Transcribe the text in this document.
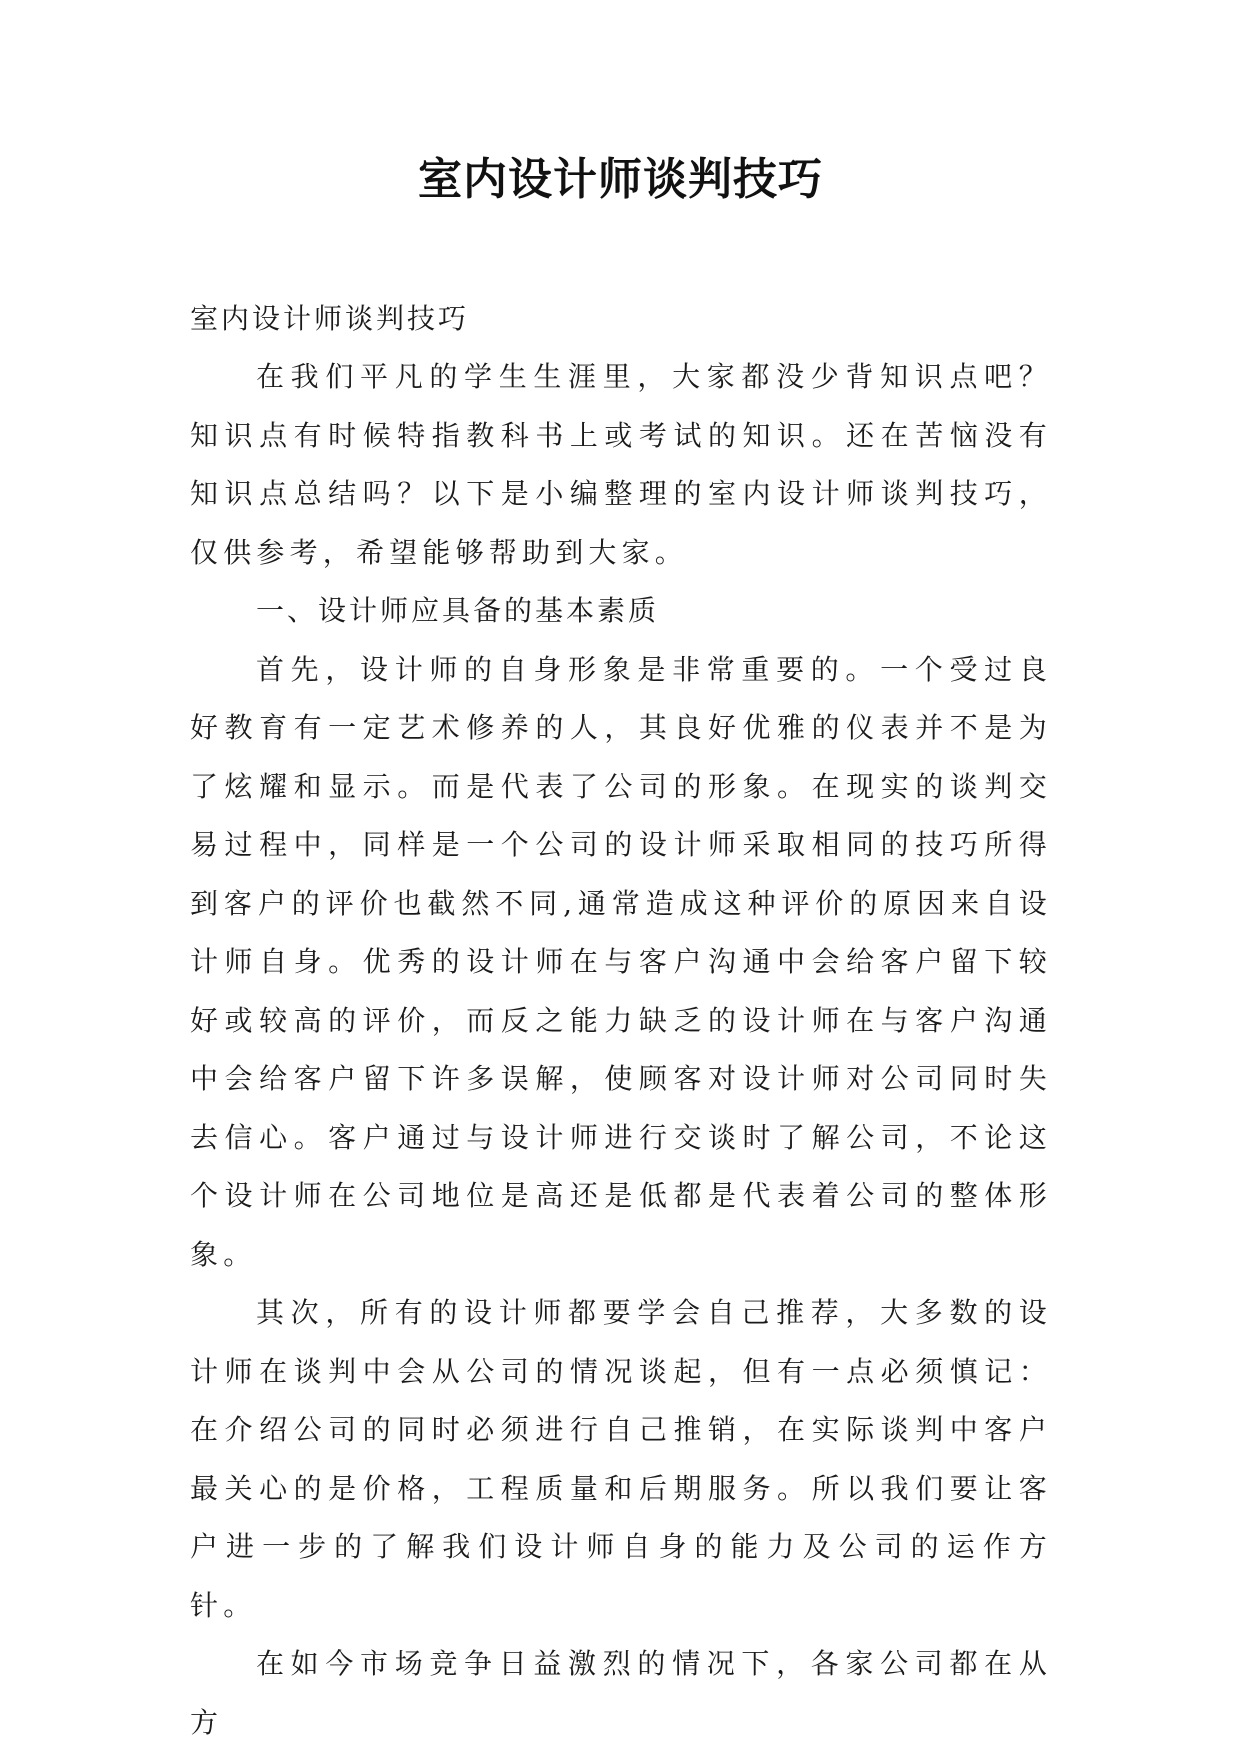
室内设计师谈判技巧

室内设计师谈判技巧

在我们平凡的学生生涯里，大家都没少背知识点吧？知识点有时候特指教科书上或考试的知识。还在苦恼没有知识点总结吗？以下是小编整理的室内设计师谈判技巧，仅供参考，希望能够帮助到大家。

一、设计师应具备的基本素质

首先，设计师的自身形象是非常重要的。一个受过良好教育有一定艺术修养的人，其良好优雅的仪表并不是为了炫耀和显示。而是代表了公司的形象。在现实的谈判交易过程中，同样是一个公司的设计师采取相同的技巧所得到客户的评价也截然不同,通常造成这种评价的原因来自设计师自身。优秀的设计师在与客户沟通中会给客户留下较好或较高的评价，而反之能力缺乏的设计师在与客户沟通中会给客户留下许多误解，使顾客对设计师对公司同时失去信心。客户通过与设计师进行交谈时了解公司，不论这个设计师在公司地位是高还是低都是代表着公司的整体形象。

其次，所有的设计师都要学会自己推荐，大多数的设计师在谈判中会从公司的情况谈起，但有一点必须慎记：在介绍公司的同时必须进行自己推销，在实际谈判中客户最关心的是价格，工程质量和后期服务。所以我们要让客户进一步的了解我们设计师自身的能力及公司的运作方针。

在如今市场竞争日益激烈的情况下，各家公司都在从方
